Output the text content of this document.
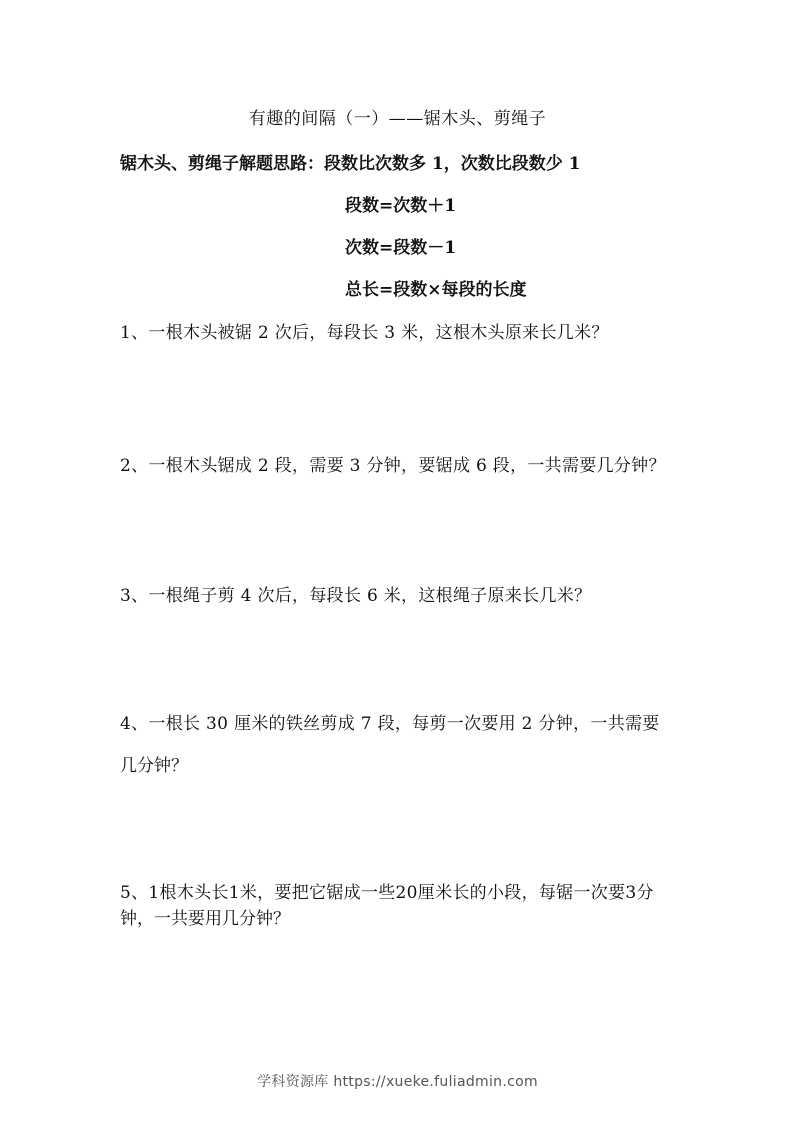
有趣的间隔（一）——锯木头、剪绳子
锯木头、剪绳子解题思路：段数比次数多 1，次数比段数少 1
段数=次数＋1
次数=段数－1
总长=段数×每段的长度
1、一根木头被锯 2 次后，每段长 3 米，这根木头原来长几米？
2、一根木头锯成 2 段，需要 3 分钟，要锯成 6 段，一共需要几分钟？
3、一根绳子剪 4 次后，每段长 6 米，这根绳子原来长几米？
4、一根长 30 厘米的铁丝剪成 7 段，每剪一次要用 2 分钟，一共需要
几分钟？
5、1根木头长1米，要把它锯成一些20厘米长的小段，每锯一次要3分
钟，一共要用几分钟？
学科资源库 https://xueke.fuliadmin.com
